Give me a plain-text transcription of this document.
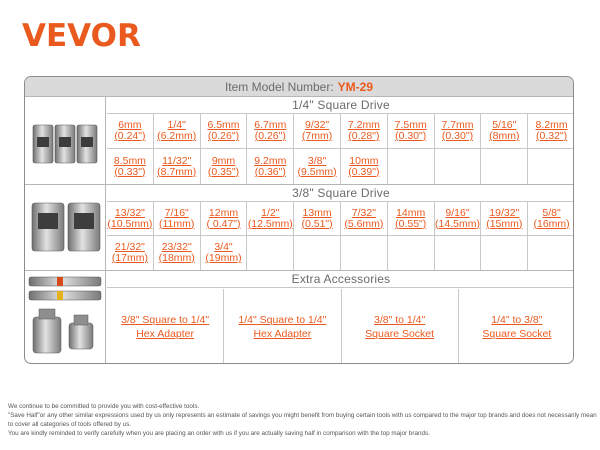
VEVOR
Item Model Number: YM-29
1/4" Square Drive
6mm
(0.24")
1/4"
(6.2mm)
6.5mm
(0.26")
6.7mm
(0.26")
9/32"
(7mm)
7.2mm
(0.28")
7.5mm
(0.30")
7.7mm
(0.30")
5/16"
(8mm)
8.2mm
(0.32")
8.5mm
(0.33")
11/32"
(8.7mm)
9mm
(0.35")
9.2mm
(0.36")
3/8"
(9.5mm)
10mm
(0.39")
3/8" Square Drive
13/32"
(10.5mm)
7/16"
(11mm)
12mm
( 0.47")
1/2"
(12.5mm)
13mm
(0.51")
7/32"
(5.6mm)
14mm
(0.55")
9/16"
(14.5mm)
19/32"
(15mm)
5/8"
(16mm)
21/32"
(17mm)
23/32"
(18mm)
3/4"
(19mm)
Extra Accessories
3/8" Square to 1/4"
Hex Adapter
1/4" Square to 1/4"
Hex Adapter
3/8" to 1/4"
Square Socket
1/4" to 3/8"
Square Socket
We continue to be committed to provide you with cost-effective tools.
"Save Half"or any other similar expressions used by us only represents an estimate of savings you might benefit from buying certain tools with us compared to the major top brands and does not necessarily mean to cover all categories of tools offered by us.
You are kindly reminded to verify carefully when you are placing an order with us if you are actually saving half in comparison with the top major brands.
